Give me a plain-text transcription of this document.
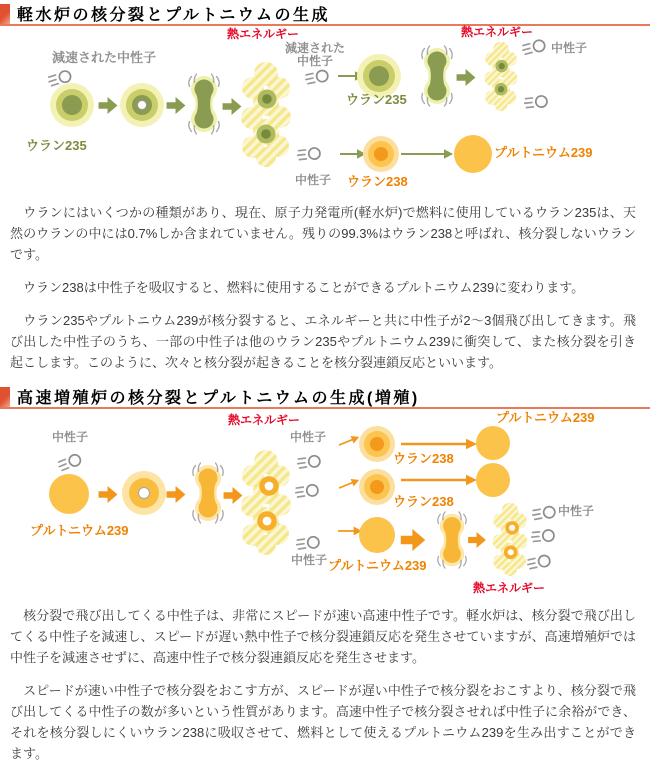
軽水炉の核分裂とプルトニウムの生成
減速された中性子
ウラン235
熱エネルギー
減速された
中性子
ウラン235
熱エネルギー
中性子
中性子 ウラン238
プルトニウム239

　ウランにはいくつかの種類があり、現在、原子力発電所(軽水炉)で燃料に使用しているウラン235は、天然のウランの中には0.7%しか含まれていません。残りの99.3%はウラン238と呼ばれ、核分裂しないウランです。

　ウラン238は中性子を吸収すると、燃料に使用することができるプルトニウム239に変わります。

　ウラン235やプルトニウム239が核分裂すると、エネルギーと共に中性子が2～3個飛び出してきます。飛び出した中性子のうち、一部の中性子は他のウラン235やプルトニウム239に衝突して、また核分裂を引き起こします。このように、次々と核分裂が起きることを核分裂連鎖反応といいます。

高速増殖炉の核分裂とプルトニウムの生成(増殖)
熱エネルギー
中性子
プルトニウム239
中性子
中性子
プルトニウム239
ウラン238
ウラン238
中性子
プルトニウム239
熱エネルギー

　核分裂で飛び出してくる中性子は、非常にスピードが速い高速中性子です。軽水炉は、核分裂で飛び出してくる中性子を減速し、スピードが遅い熱中性子で核分裂連鎖反応を発生させていますが、高速増殖炉では中性子を減速させずに、高速中性子で核分裂連鎖反応を発生させます。

　スピードが速い中性子で核分裂をおこす方が、スピードが遅い中性子で核分裂をおこすより、核分裂で飛び出してくる中性子の数が多いという性質があります。高速中性子で核分裂させれば中性子に余裕ができ、それを核分裂しにくいウラン238に吸収させて、燃料として使えるプルトニウム239を生み出すことができます。
